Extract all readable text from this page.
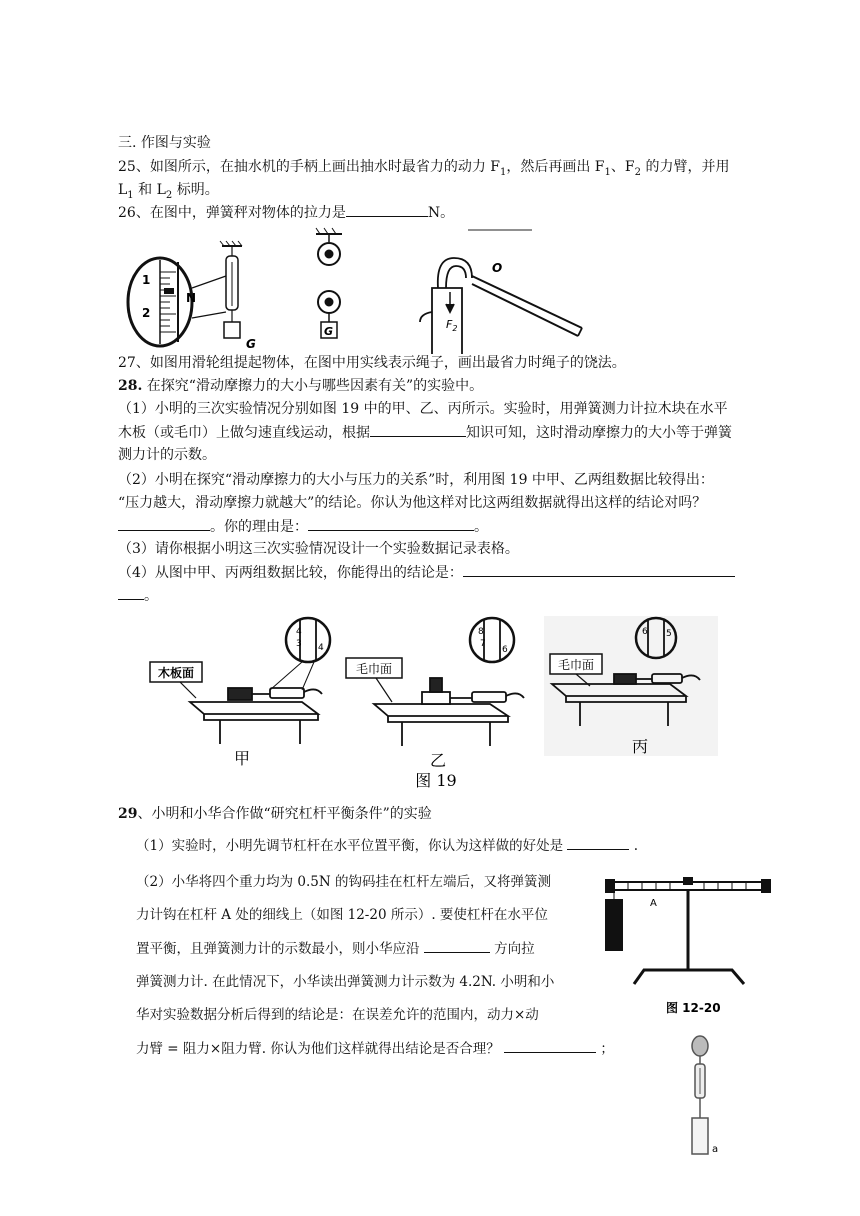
三. 作图与实验
25、如图所示，在抽水机的手柄上画出抽水时最省力的动力 $F_1$，然后再画出 $F_1$、$F_2$ 的力臂，并用
$L_1$ 和 $L_2$ 标明。
26、在图中，弹簧秤对物体的拉力是	N。
1
2
N
G
G
O
$F_2$
27、如图用滑轮组提起物体，在图中用实线表示绳子，画出最省力时绳子的饶法。
28. 在探究“滑动摩擦力的大小与哪些因素有关”的实验中。
（1）小明的三次实验情况分别如图 19 中的甲、乙、丙所示。实验时，用弹簧测力计拉木块在水平
木板（或毛巾）上做匀速直线运动，根据	知识可知，这时滑动摩擦力的大小等于弹簧
测力计的示数。
（2）小明在探究“滑动摩擦力的大小与压力的关系”时，利用图 19 中甲、乙两组数据比较得出：
“压力越大，滑动摩擦力就越大”的结论。你认为他这样对比这两组数据就得出这样的结论对吗？
。你的理由是：	。
（3）请你根据小明这三次实验情况设计一个实验数据记录表格。
（4）从图中甲、丙两组数据比较，你能得出的结论是：
。
木板面
4
3 4
甲
毛巾面
8
7
6
乙
毛巾面
6 5
丙
图 19
29、小明和小华合作做“研究杠杆平衡条件”的实验
（1）实验时，小明先调节杠杆在水平位置平衡，你认为这样做的好处是	.
（2）小华将四个重力均为 0.5N 的钩码挂在杠杆左端后，又将弹簧测
力计钩在杠杆 A 处的细线上（如图 12-20 所示）. 要使杠杆在水平位
置平衡，且弹簧测力计的示数最小，则小华应沿	方向拉
弹簧测力计. 在此情况下，小华读出弹簧测力计示数为 4.2N. 小明和小
华对实验数据分析后得到的结论是：在误差允许的范围内，动力×动
力臂 = 阻力×阻力臂. 你认为他们这样就得出结论是否合理？	；
A
图 12-20
a
